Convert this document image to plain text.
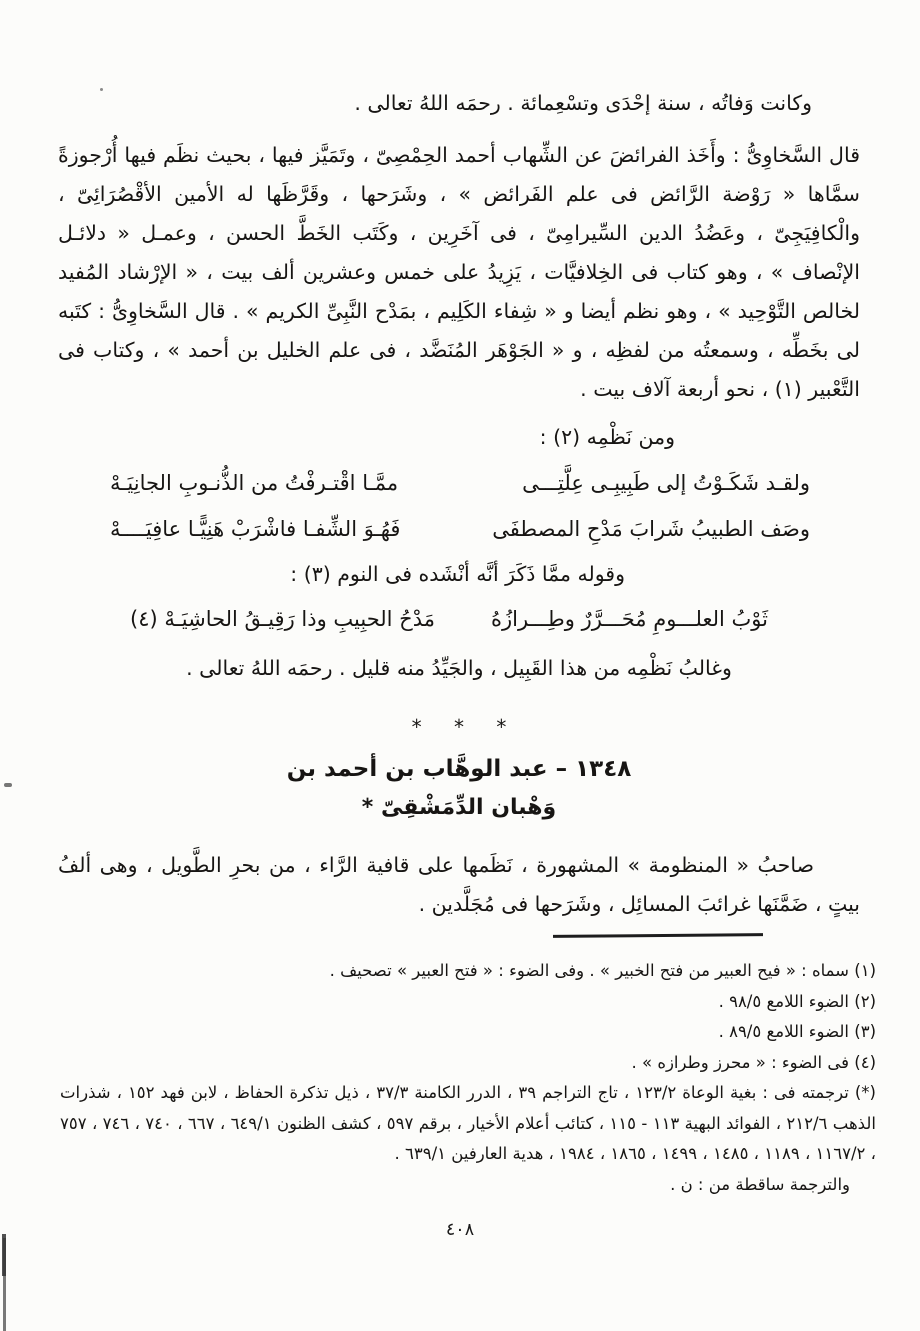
وكانت وَفاتُه ، سنة إحْدَى وتسْعِمائة . رحمَه اللهُ تعالى .

قال السَّخاوِىُّ : وأَخَذ الفرائضَ عن الشِّهاب أحمد الحِمْصِىّ ، وتَمَيَّز فيها ، بحيث نظَم فيها أُرْجوزةً سمَّاها « رَوْضة الرَّائض فى علم الفَرائض » ، وشَرَحها ، وقَرَّظَها له الأمين الأقْصُرَائِىّ ، والْكافِيَجِىّ ، وعَضُدُ الدين السِّيرامِىّ ، فى آخَرِين ، وكَتَب الخَطَّ الحسن ، وعمـل « دلائـل الإنْصاف » ، وهو كتاب فى الخِلافيَّات ، يَزِيدُ على خمس وعشرين ألف بيت ، « الإرْشاد المُفيد لخالص التَّوْحِيد » ، وهو نظم أيضا و « شِفاء الكَلِيم ، بمَدْح النَّبِىِّ الكريم » . قال السَّخاوِىُّ : كتَبه لى بخَطِّه ، وسمعتُه من لفظِه ، و « الجَوْهَر المُنَضَّد ، فى علم الخليل بن أحمد » ، وكتاب فى التَّعْبير (١) ، نحو أربعة آلاف بيت .

ومن نَظْمِه (٢) :

ولقـد شَكَـوْتُ إلى طَبِيبِـى عِلَّتِـــى
ممَّـا اقْتـرفْتُ من الذُّنـوبِ الجانِيَـهْ
وصَف الطبيبُ شَرابَ مَدْحِ المصطفَى
فَهُـوَ الشِّفـا فاشْرَبْ هَنِيًّـا عافِيَــــهْ

وقوله ممَّا ذَكَرَ أنَّه أنْشَده فى النوم (٣) :

ثَوْبُ العلـــومِ مُحَـــرَّرٌ وطِـــرازُهُ
مَدْحُ الحبِيبِ وذا رَقِيـقُ الحاشِيَـهْ (٤)

وغالبُ نَظْمِه من هذا القَبِيل ، والجَيِّدُ منه قليل . رحمَه اللهُ تعالى .

* * *
١٣٤٨ – عبد الوهَّاب بن أحمد بن
وَهْبان الدِّمَشْقِىّ *

صاحبُ « المنظومة » المشهورة ، نَظَمها على قافية الرَّاء ، من بحرِ الطَّويل ، وهى ألفُ بيتٍ ، ضَمَّنَها غرائبَ المسائِل ، وشَرَحها فى مُجَلَّدين .

(١) سماه : « فيح العبير من فتح الخبير » . وفى الضوء : « فتح العبير » تصحيف .

(٢) الضوء اللامع ٩٨/٥ .

(٣) الضوء اللامع ٨٩/٥ .

(٤) فى الضوء : « محرز وطرازه » .

(*) ترجمته فى : بغية الوعاة ١٢٣/٢ ، تاج التراجم ٣٩ ، الدرر الكامنة ٣٧/٣ ، ذيل تذكرة الحفاظ ، لابن فهد ١٥٢ ، شذرات الذهب ٢١٢/٦ ، الفوائد البهية ١١٣ - ١١٥ ، كتائب أعلام الأخيار ، برقم ٥٩٧ ، كشف الظنون ٦٤٩/١ ، ٦٦٧ ، ٧٤٠ ، ٧٤٦ ، ٧٥٧ ، ١١٦٧/٢ ، ١١٨٩ ، ١٤٨٥ ، ١٤٩٩ ، ١٨٦٥ ، ١٩٨٤ ، هدية العارفين ٦٣٩/١ .

والترجمة ساقطة من : ن .

٤٠٨
